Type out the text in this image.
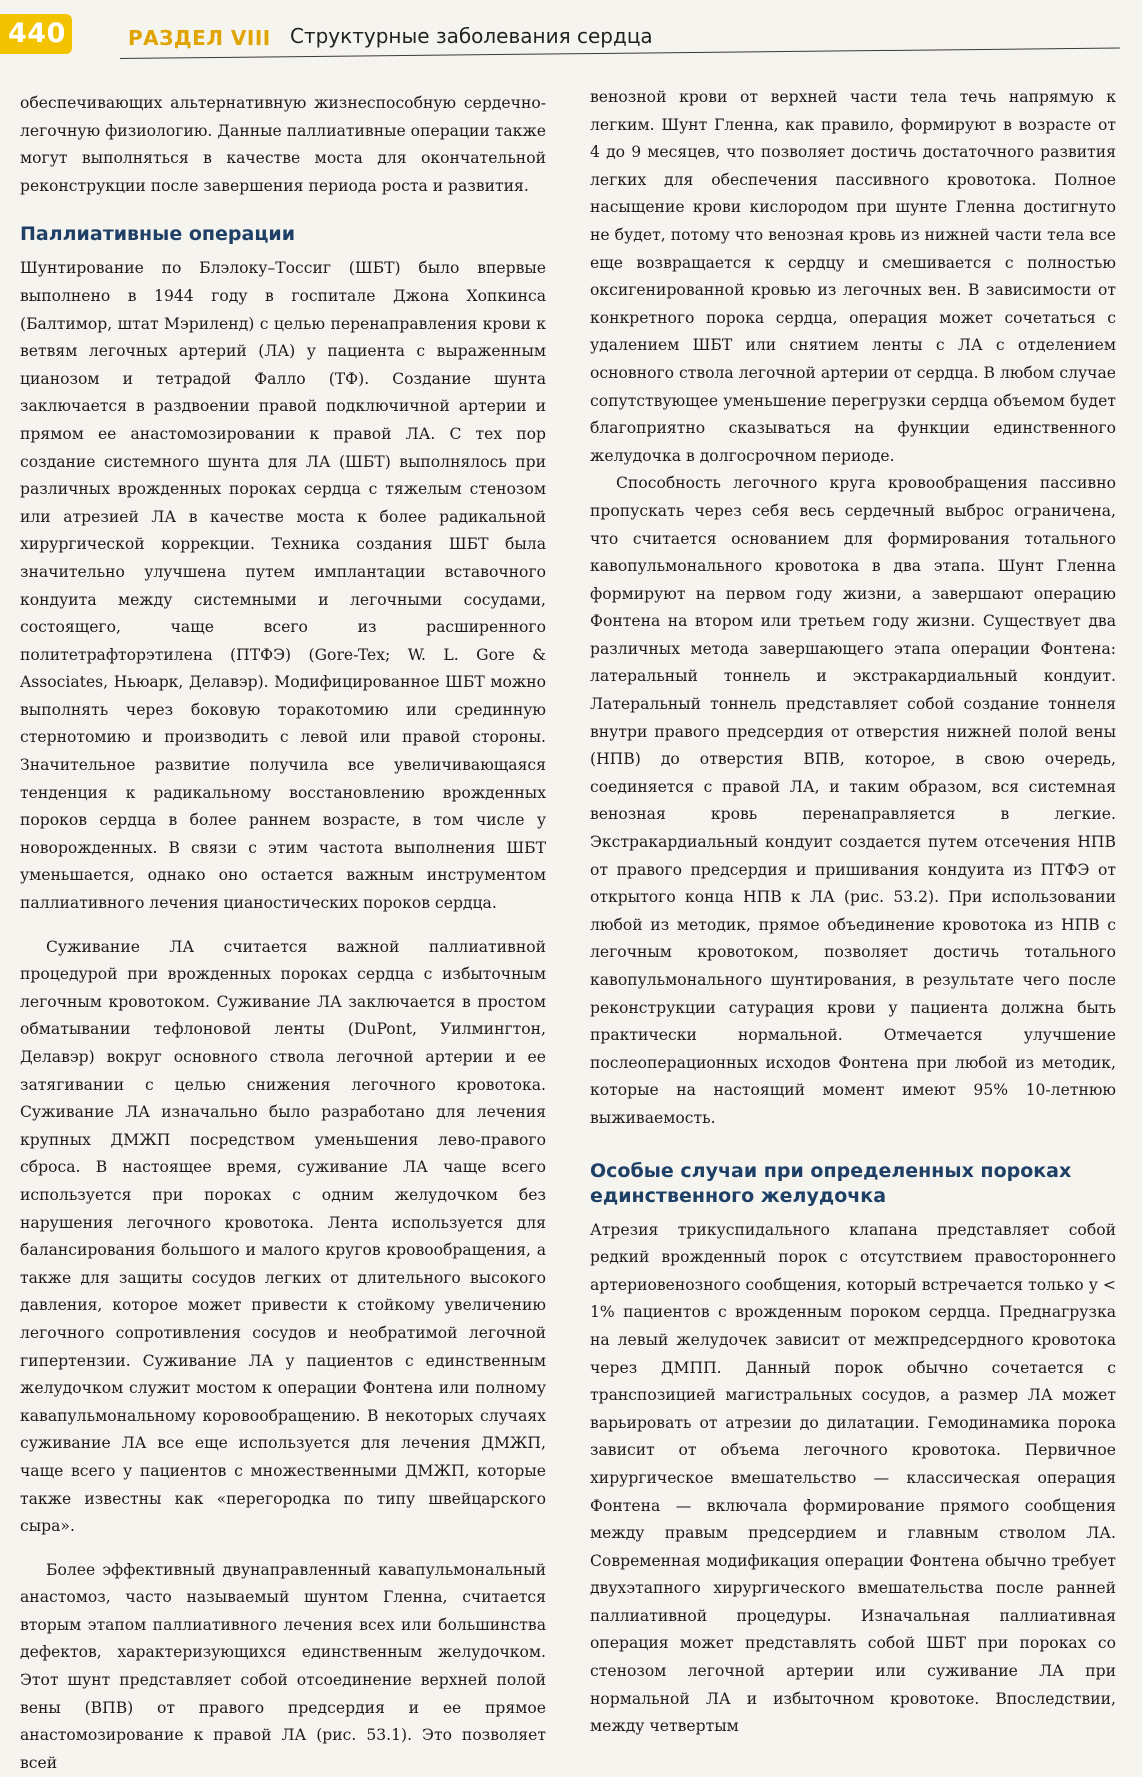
440	РАЗДЕЛ VIII Структурные заболевания сердца

обеспечивающих альтернативную жизнеспособную сердечно-легочную физиологию. Данные паллиативные операции также могут выполняться в качестве моста для окончательной реконструкции после завершения периода роста и развития.

Паллиативные операции

Шунтирование по Блэлоку–Тоссиг (ШБТ) было впервые выполнено в 1944 году в госпитале Джона Хопкинса (Балтимор, штат Мэриленд) с целью перенаправления крови к ветвям легочных артерий (ЛА) у пациента с выраженным цианозом и тетрадой Фалло (ТФ). Создание шунта заключается в раздвоении правой подключичной артерии и прямом ее анастомозировании к правой ЛА. С тех пор создание системного шунта для ЛА (ШБТ) выполнялось при различных врожденных пороках сердца с тяжелым стенозом или атрезией ЛА в качестве моста к более радикальной хирургической коррекции. Техника создания ШБТ была значительно улучшена путем имплантации вставочного кондуита между системными и легочными сосудами, состоящего, чаще всего из расширенного политетрафторэтилена (ПТФЭ) (Gore-Tex; W. L. Gore & Associates, Ньюарк, Делавэр). Модифицированное ШБТ можно выполнять через боковую торакотомию или срединную стернотомию и производить с левой или правой стороны. Значительное развитие получила все увеличивающаяся тенденция к радикальному восстановлению врожденных пороков сердца в более раннем возрасте, в том числе у новорожденных. В связи с этим частота выполнения ШБТ уменьшается, однако оно остается важным инструментом паллиативного лечения цианостических пороков сердца.

Суживание ЛА считается важной паллиативной процедурой при врожденных пороках сердца с избыточным легочным кровотоком. Суживание ЛА заключается в простом обматывании тефлоновой ленты (DuPont, Уилмингтон, Делавэр) вокруг основного ствола легочной артерии и ее затягивании с целью снижения легочного кровотока. Суживание ЛА изначально было разработано для лечения крупных ДМЖП посредством уменьшения лево-правого сброса. В настоящее время, суживание ЛА чаще всего используется при пороках с одним желудочком без нарушения легочного кровотока. Лента используется для балансирования большого и малого кругов кровообращения, а также для защиты сосудов легких от длительного высокого давления, которое может привести к стойкому увеличению легочного сопротивления сосудов и необратимой легочной гипертензии. Суживание ЛА у пациентов с единственным желудочком служит мостом к операции Фонтена или полному кавапульмональному коровообращению. В некоторых случаях суживание ЛА все еще используется для лечения ДМЖП, чаще всего у пациентов с множественными ДМЖП, которые также известны как «перегородка по типу швейцарского сыра».

Более эффективный двунаправленный кавапульмональный анастомоз, часто называемый шунтом Гленна, считается вторым этапом паллиативного лечения всех или большинства дефектов, характеризующихся единственным желудочком. Этот шунт представляет собой отсоединение верхней полой вены (ВПВ) от правого предсердия и ее прямое анастомозирование к правой ЛА (рис. 53.1). Это позволяет всей

венозной крови от верхней части тела течь напрямую к легким. Шунт Гленна, как правило, формируют в возрасте от 4 до 9 месяцев, что позволяет достичь достаточного развития легких для обеспечения пассивного кровотока. Полное насыщение крови кислородом при шунте Гленна достигнуто не будет, потому что венозная кровь из нижней части тела все еще возвращается к сердцу и смешивается с полностью оксигенированной кровью из легочных вен. В зависимости от конкретного порока сердца, операция может сочетаться с удалением ШБТ или снятием ленты с ЛА с отделением основного ствола легочной артерии от сердца. В любом случае сопутствующее уменьшение перегрузки сердца объемом будет благоприятно сказываться на функции единственного желудочка в долгосрочном периоде.

Способность легочного круга кровообращения пассивно пропускать через себя весь сердечный выброс ограничена, что считается основанием для формирования тотального кавопульмонального кровотока в два этапа. Шунт Гленна формируют на первом году жизни, а завершают операцию Фонтена на втором или третьем году жизни. Существует два различных метода завершающего этапа операции Фонтена: латеральный тоннель и экстракардиальный кондуит. Латеральный тоннель представляет собой создание тоннеля внутри правого предсердия от отверстия нижней полой вены (НПВ) до отверстия ВПВ, которое, в свою очередь, соединяется с правой ЛА, и таким образом, вся системная венозная кровь перенаправляется в легкие. Экстракардиальный кондуит создается путем отсечения НПВ от правого предсердия и пришивания кондуита из ПТФЭ от открытого конца НПВ к ЛА (рис. 53.2). При использовании любой из методик, прямое объединение кровотока из НПВ с легочным кровотоком, позволяет достичь тотального кавопульмонального шунтирования, в результате чего после реконструкции сатурация крови у пациента должна быть практически нормальной. Отмечается улучшение послеоперационных исходов Фонтена при любой из методик, которые на настоящий момент имеют 95% 10-летнюю выживаемость.

Особые случаи при определенных пороках единственного желудочка

Атрезия трикуспидального клапана представляет собой редкий врожденный порок с отсутствием правостороннего артериовенозного сообщения, который встречается только у < 1% пациентов с врожденным пороком сердца. Преднагрузка на левый желудочек зависит от межпредсердного кровотока через ДМПП. Данный порок обычно сочетается с транспозицией магистральных сосудов, а размер ЛА может варьировать от атрезии до дилатации. Гемодинамика порока зависит от объема легочного кровотока. Первичное хирургическое вмешательство — классическая операция Фонтена — включала формирование прямого сообщения между правым предсердием и главным стволом ЛА. Современная модификация операции Фонтена обычно требует двухэтапного хирургического вмешательства после ранней паллиативной процедуры. Изначальная паллиативная операция может представлять собой ШБТ при пороках со стенозом легочной артерии или суживание ЛА при нормальной ЛА и избыточном кровотоке. Впоследствии, между четвертым
